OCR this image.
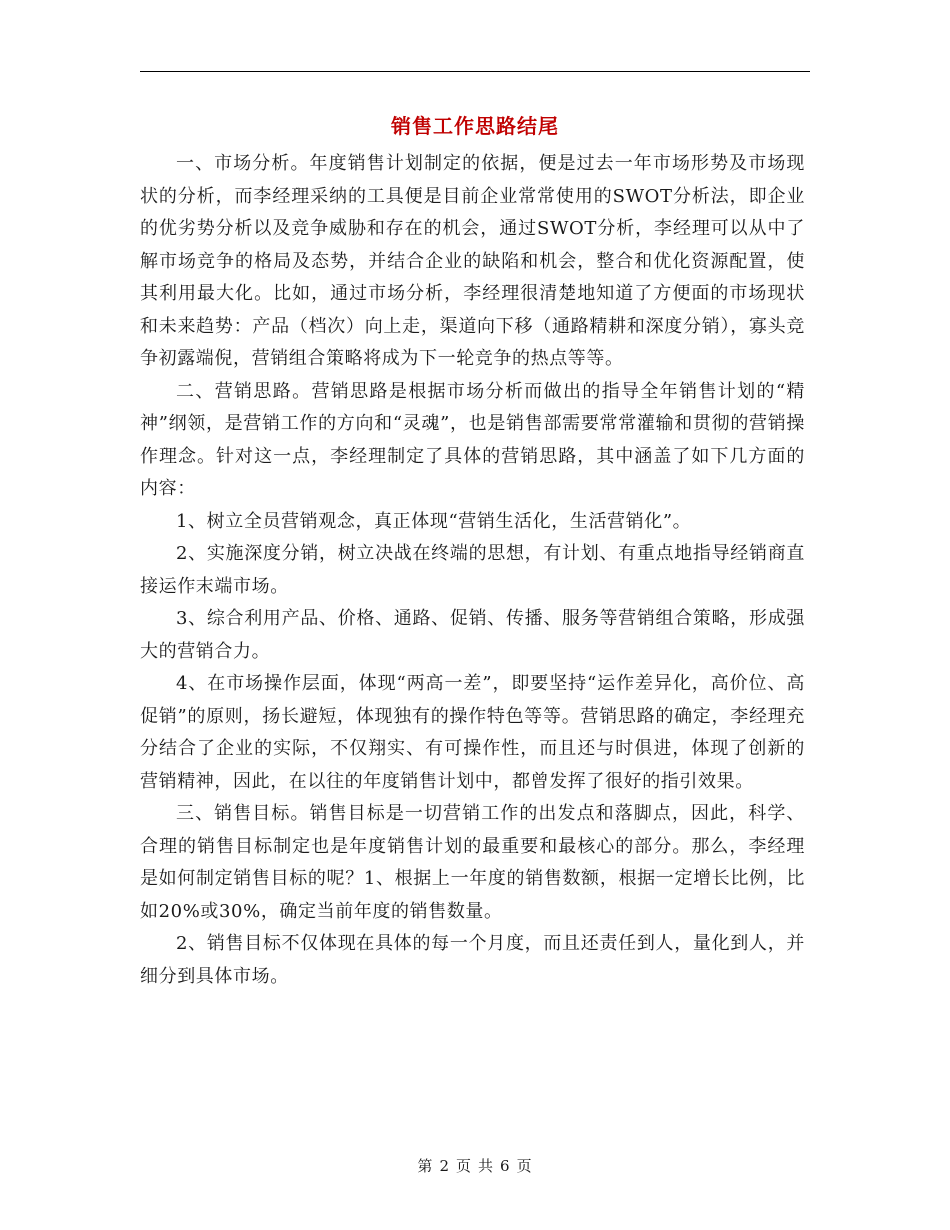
销售工作思路结尾

一、市场分析。年度销售计划制定的依据，便是过去一年市场形势及市场现状的分析，而李经理采纳的工具便是目前企业常常使用的SWOT分析法，即企业的优劣势分析以及竞争威胁和存在的机会，通过SWOT分析，李经理可以从中了解市场竞争的格局及态势，并结合企业的缺陷和机会，整合和优化资源配置，使其利用最大化。比如，通过市场分析，李经理很清楚地知道了方便面的市场现状和未来趋势：产品（档次）向上走，渠道向下移（通路精耕和深度分销），寡头竞争初露端倪，营销组合策略将成为下一轮竞争的热点等等。

二、营销思路。营销思路是根据市场分析而做出的指导全年销售计划的“精神”纲领，是营销工作的方向和“灵魂”，也是销售部需要常常灌输和贯彻的营销操作理念。针对这一点，李经理制定了具体的营销思路，其中涵盖了如下几方面的内容：

1、树立全员营销观念，真正体现“营销生活化，生活营销化”。

2、实施深度分销，树立决战在终端的思想，有计划、有重点地指导经销商直接运作末端市场。

3、综合利用产品、价格、通路、促销、传播、服务等营销组合策略，形成强大的营销合力。

4、在市场操作层面，体现“两高一差”，即要坚持“运作差异化，高价位、高促销”的原则，扬长避短，体现独有的操作特色等等。营销思路的确定，李经理充分结合了企业的实际，不仅翔实、有可操作性，而且还与时俱进，体现了创新的营销精神，因此，在以往的年度销售计划中，都曾发挥了很好的指引效果。

三、销售目标。销售目标是一切营销工作的出发点和落脚点，因此，科学、合理的销售目标制定也是年度销售计划的最重要和最核心的部分。那么，李经理是如何制定销售目标的呢？1、根据上一年度的销售数额，根据一定增长比例，比如20%或30%，确定当前年度的销售数量。

2、销售目标不仅体现在具体的每一个月度，而且还责任到人，量化到人，并细分到具体市场。

第 2 页 共 6 页
